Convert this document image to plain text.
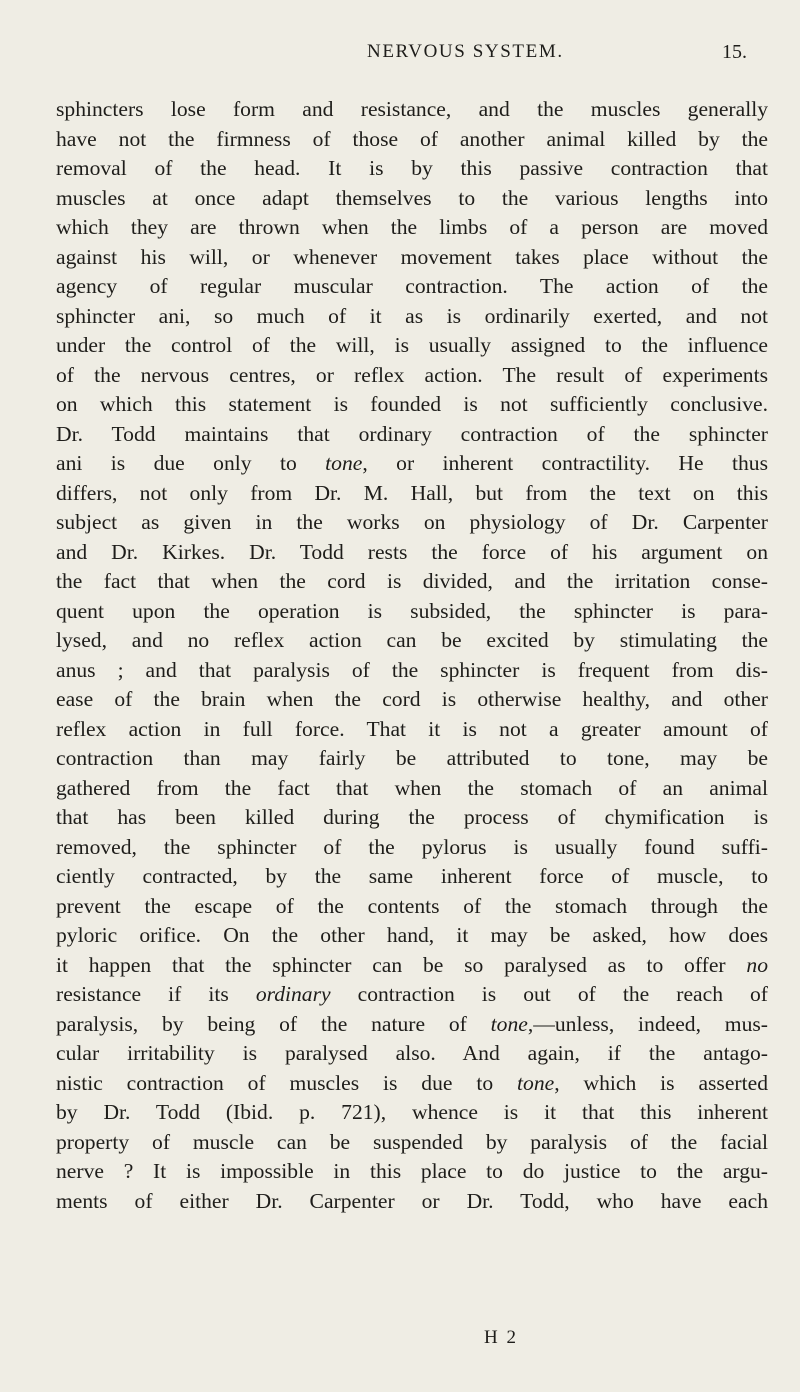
NERVOUS SYSTEM.	15.
sphincters lose form and resistance, and the muscles generally
have not the firmness of those of another animal killed by the
removal of the head. It is by this passive contraction that
muscles at once adapt themselves to the various lengths into
which they are thrown when the limbs of a person are moved
against his will, or whenever movement takes place without the
agency of regular muscular contraction. The action of the
sphincter ani, so much of it as is ordinarily exerted, and not
under the control of the will, is usually assigned to the influence
of the nervous centres, or reflex action. The result of experiments
on which this statement is founded is not sufficiently conclusive.
Dr. Todd maintains that ordinary contraction of the sphincter
ani is due only to tone, or inherent contractility. He thus
differs, not only from Dr. M. Hall, but from the text on this
subject as given in the works on physiology of Dr. Carpenter
and Dr. Kirkes. Dr. Todd rests the force of his argument on
the fact that when the cord is divided, and the irritation conse-
quent upon the operation is subsided, the sphincter is para-
lysed, and no reflex action can be excited by stimulating the
anus ; and that paralysis of the sphincter is frequent from dis-
ease of the brain when the cord is otherwise healthy, and other
reflex action in full force. That it is not a greater amount of
contraction than may fairly be attributed to tone, may be
gathered from the fact that when the stomach of an animal
that has been killed during the process of chymification is
removed, the sphincter of the pylorus is usually found suffi-
ciently contracted, by the same inherent force of muscle, to
prevent the escape of the contents of the stomach through the
pyloric orifice. On the other hand, it may be asked, how does
it happen that the sphincter can be so paralysed as to offer no
resistance if its ordinary contraction is out of the reach of
paralysis, by being of the nature of tone,—unless, indeed, mus-
cular irritability is paralysed also. And again, if the antago-
nistic contraction of muscles is due to tone, which is asserted
by Dr. Todd (Ibid. p. 721), whence is it that this inherent
property of muscle can be suspended by paralysis of the facial
nerve ? It is impossible in this place to do justice to the argu-
ments of either Dr. Carpenter or Dr. Todd, who have each
H 2
